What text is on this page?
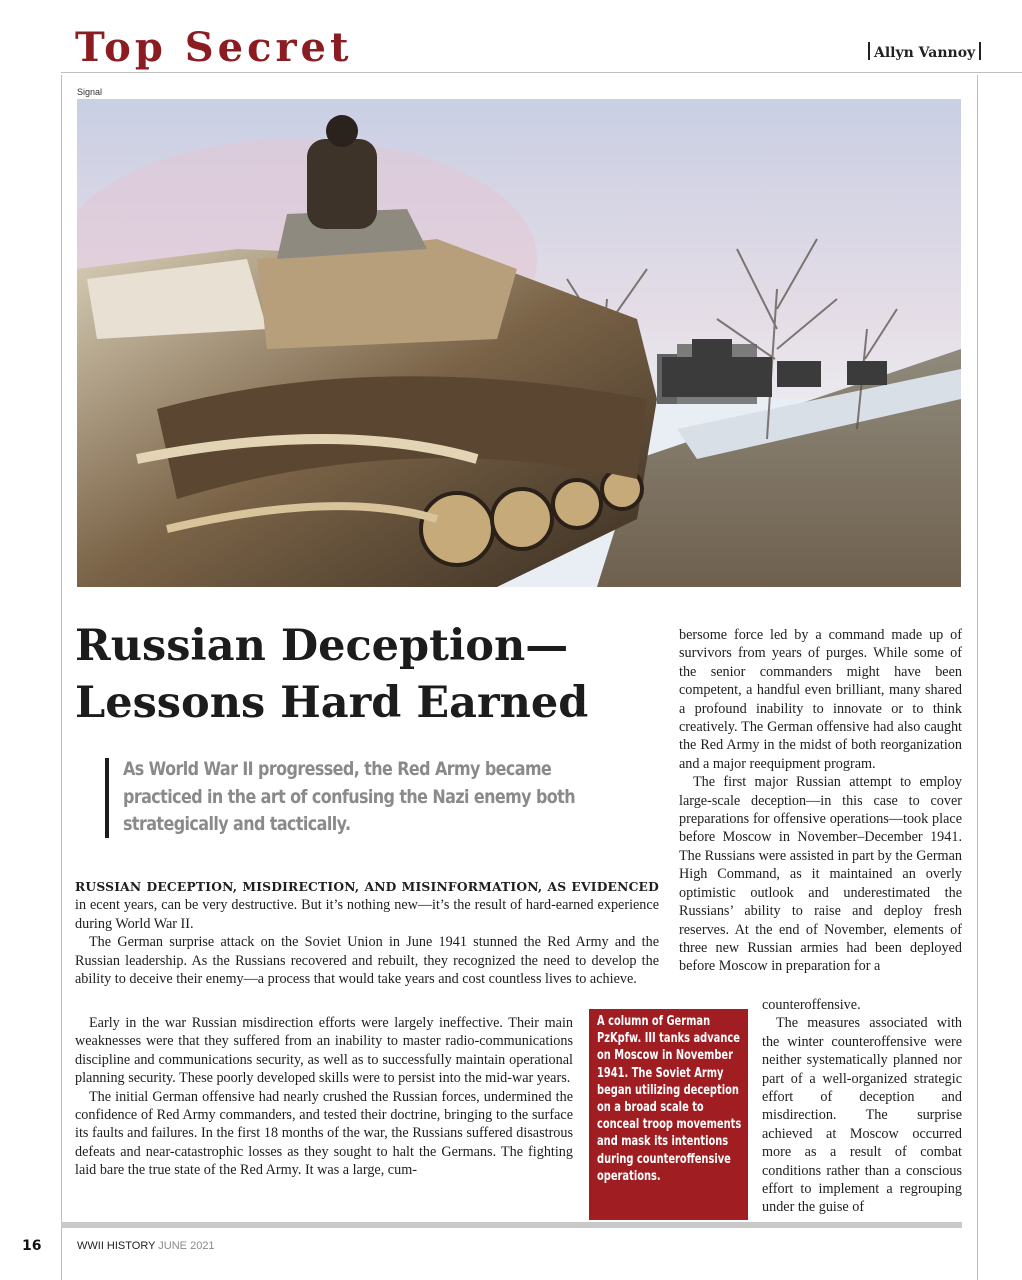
Top Secret	Allyn Vannoy
Signal
Russian Deception—
Lessons Hard Earned
As World War II progressed, the Red Army became practiced in the art of confusing the Nazi enemy both strategically and tactically.

RUSSIAN DECEPTION, MISDIRECTION, AND MISINFORMATION, AS EVIDENCED in ecent years, can be very destructive. But it’s nothing new—it’s the result of hard-earned experience during World War II.

The German surprise attack on the Soviet Union in June 1941 stunned the Red Army and the Russian leadership. As the Russians recovered and rebuilt, they recognized the need to develop the ability to deceive their enemy—a process that would take years and cost countless lives to achieve.

Early in the war Russian misdirection efforts were largely ineffective. Their main weaknesses were that they suffered from an inability to master radio-communications discipline and communications security, as well as to successfully maintain operational planning security. These poorly developed skills were to persist into the mid-war years.

The initial German offensive had nearly crushed the Russian forces, undermined the confidence of Red Army commanders, and tested their doctrine, bringing to the surface its faults and failures. In the first 18 months of the war, the Russians suffered disastrous defeats and near-catastrophic losses as they sought to halt the Germans. The fighting laid bare the true state of the Red Army. It was a large, cum-

bersome force led by a command made up of survivors from years of purges. While some of the senior commanders might have been competent, a handful even brilliant, many shared a profound inability to innovate or to think creatively. The German offensive had also caught the Red Army in the midst of both reorganization and a major reequipment program.

The first major Russian attempt to employ large-scale deception—in this case to cover preparations for offensive operations—took place before Moscow in November–December 1941. The Russians were assisted in part by the German High Command, as it maintained an overly optimistic outlook and underestimated the Russians’ ability to raise and deploy fresh reserves. At the end of November, elements of three new Russian armies had been deployed before Moscow in preparation for a

counteroffensive.

The measures associated with the winter counteroffensive were neither systematically planned nor part of a well-organized strategic effort of deception and misdirection. The surprise achieved at Moscow occurred more as a result of combat conditions rather than a conscious effort to implement a regrouping under the guise of

A column of German PzKpfw. III tanks advance on Moscow in November 1941. The Soviet Army began utilizing deception on a broad scale to conceal troop movements and mask its intentions during counteroffensive operations.
16	WWII HISTORY JUNE 2021
